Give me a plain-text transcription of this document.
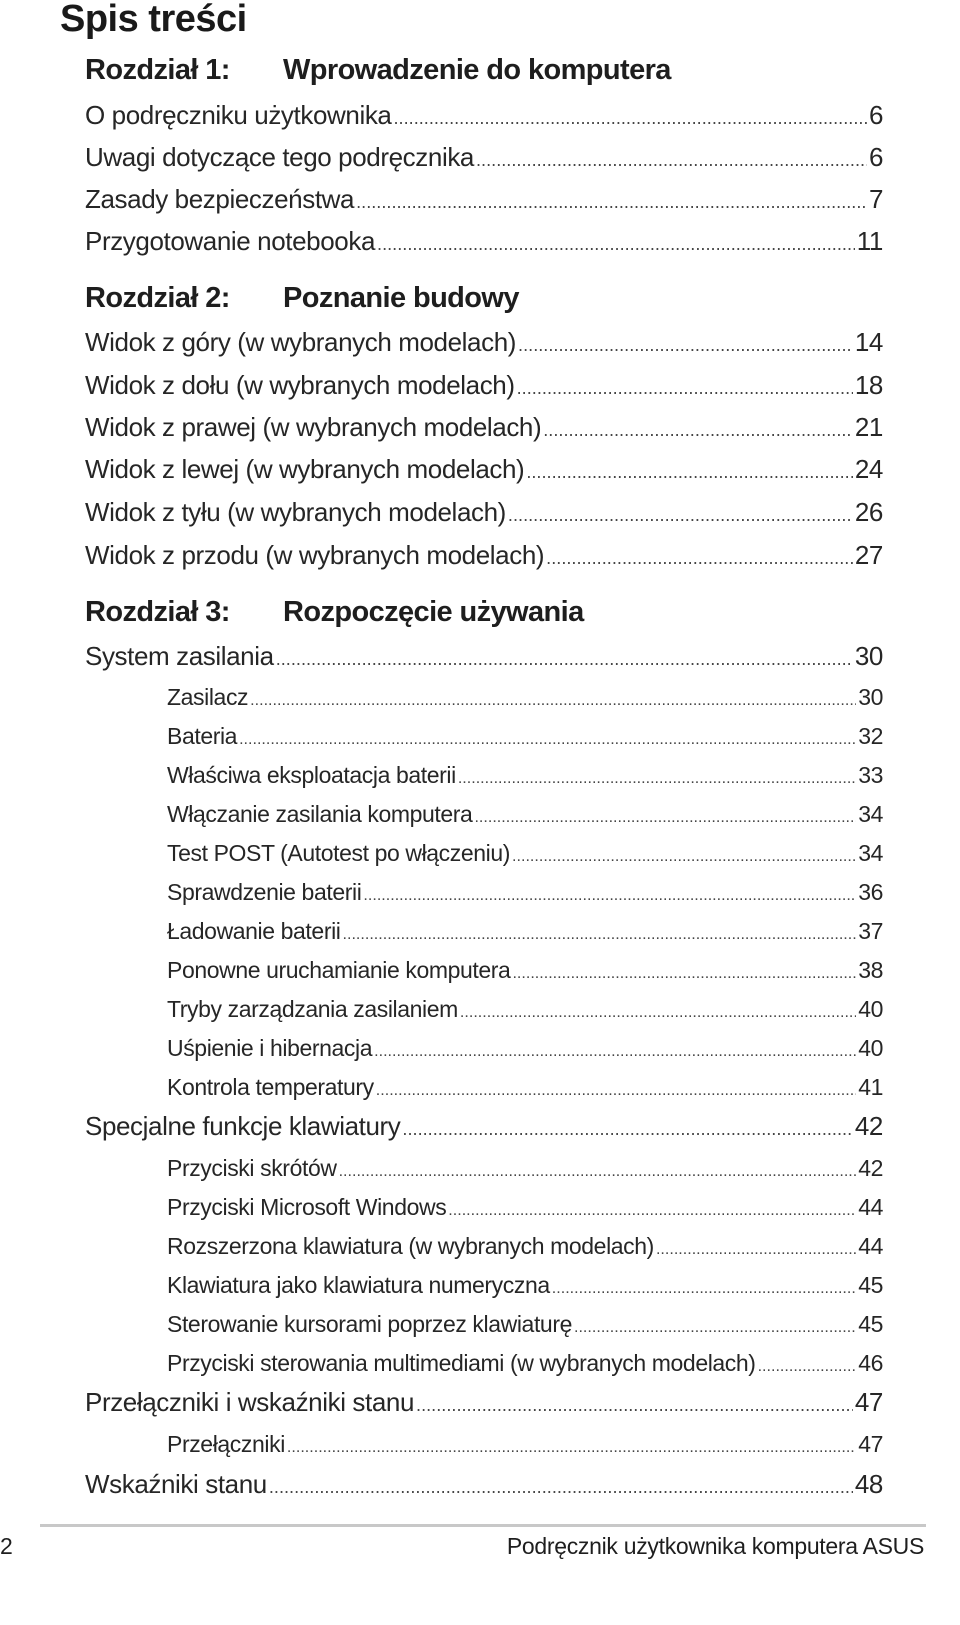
Spis treści
Rozdział 1: Wprowadzenie do komputera
O podręczniku użytkownika .....	6
Uwagi dotyczące tego podręcznika .....	6
Zasady bezpieczeństwa .....	7
Przygotowanie notebooka .....	11
Rozdział 2: Poznanie budowy
Widok z góry (w wybranych modelach) .....	14
Widok z dołu (w wybranych modelach) .....	18
Widok z prawej (w wybranych modelach) .....	21
Widok z lewej (w wybranych modelach) .....	24
Widok z tyłu (w wybranych modelach) .....	26
Widok z przodu (w wybranych modelach) .....	27
Rozdział 3: Rozpoczęcie używania
System zasilania .....	30
Zasilacz .....	30
Bateria .....	32
Właściwa eksploatacja baterii .....	33
Włączanie zasilania komputera .....	34
Test POST (Autotest po włączeniu) .....	34
Sprawdzenie baterii .....	36
Ładowanie baterii .....	37
Ponowne uruchamianie komputera .....	38
Tryby zarządzania zasilaniem .....	40
Uśpienie i hibernacja .....	40
Kontrola temperatury .....	41
Specjalne funkcje klawiatury .....	42
Przyciski skrótów .....	42
Przyciski Microsoft Windows .....	44
Rozszerzona klawiatura (w wybranych modelach) .....	44
Klawiatura jako klawiatura numeryczna .....	45
Sterowanie kursorami poprzez klawiaturę .....	45
Przyciski sterowania multimediami (w wybranych modelach) .....	46
Przełączniki i wskaźniki stanu .....	47
Przełączniki .....	47
Wskaźniki stanu .....	48
2	Podręcznik użytkownika komputera ASUS
